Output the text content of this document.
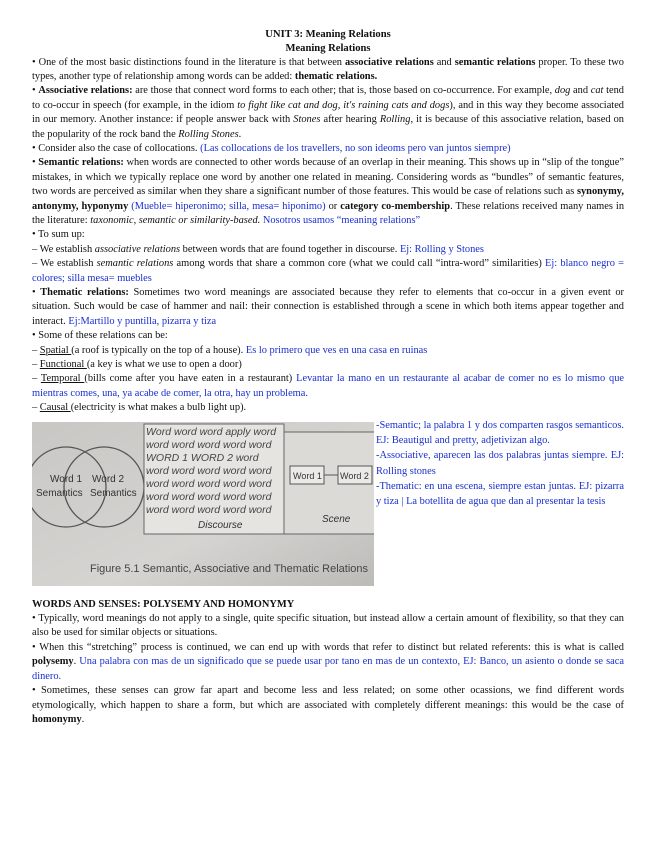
UNIT 3: Meaning Relations
Meaning Relations

• One of the most basic distinctions found in the literature is that between associative relations and semantic relations proper. To these two types, another type of relationship among words can be added: thematic relations.

• Associative relations: are those that connect word forms to each other; that is, those based on co-occurrence. For example, dog and cat tend to co-occur in speech (for example, in the idiom to fight like cat and dog, it's raining cats and dogs), and in this way they become associated in our memory. Another instance: if people answer back with Stones after hearing Rolling, it is because of this associative relation, based on the popularity of the rock band the Rolling Stones.

• Consider also the case of collocations. (Las collocations de los travellers, no son ideoms pero van juntos siempre)

• Semantic relations: when words are connected to other words because of an overlap in their meaning. This shows up in “slip of the tongue” mistakes, in which we typically replace one word by another one related in meaning. Considering words as “bundles” of semantic features, two words are perceived as similar when they share a significant number of those features. This would be case of relations such as synonymy, antonymy, hyponymy (Mueble= hiperonimo; silla, mesa= hiponimo) or category co-membership. These relations received many names in the literature: taxonomic, semantic or similarity-based. Nosotros usamos “meaning relations”

• To sum up:

– We establish associative relations between words that are found together in discourse. Ej: Rolling y Stones

– We establish semantic relations among words that share a common core (what we could call “intra-word” similarities) Ej: blanco negro = colores; silla mesa= muebles

• Thematic relations: Sometimes two word meanings are associated because they refer to elements that co-occur in a given event or situation. Such would be case of hammer and nail: their connection is established through a scene in which both items appear together and interact. Ej:Martillo y puntilla, pizarra y tiza

• Some of these relations can be:

– Spatial (a roof is typically on the top of a house). Es lo primero que ves en una casa en ruinas

– Functional (a key is what we use to open a door)

– Temporal (bills come after you have eaten in a restaurant) Levantar la mano en un restaurante al acabar de comer no es lo mismo que mientras comes, una, ya acabe de comer, la otra, hay un problema.

– Causal (electricity is what makes a bulb light up).

Word 1
Semantics
Word 2
Semantics
Word word word apply word word word word word word WORD 1 WORD 2 word word word word word word word word word word word word word word word word word word word word word
Discourse
Word 1 Word 2
Scene
Figure 5.1 Semantic, Associative and Thematic Relations
-Semantic; la palabra 1 y dos comparten rasgos semanticos. EJ: Beautigul and pretty, adjetivizan algo.
-Associative, aparecen las dos palabras juntas siempre. EJ: Rolling stones
-Thematic: en una escena, siempre estan juntas. EJ: pizarra y tiza | La botellita de agua que dan al presentar la tesis
WORDS AND SENSES: POLYSEMY AND HOMONYMY

• Typically, word meanings do not apply to a single, quite specific situation, but instead allow a certain amount of flexibility, so that they can also be used for similar objects or situations.

• When this “stretching” process is continued, we can end up with words that refer to distinct but related referents: this is what is called polysemy. Una palabra con mas de un significado que se puede usar por tano en mas de un contexto, EJ: Banco, un asiento o donde se saca dinero.

• Sometimes, these senses can grow far apart and become less and less related; on some other ocassions, we find different words etymologically, which happen to share a form, but which are associated with completely different meanings: this would be the case of homonymy.
